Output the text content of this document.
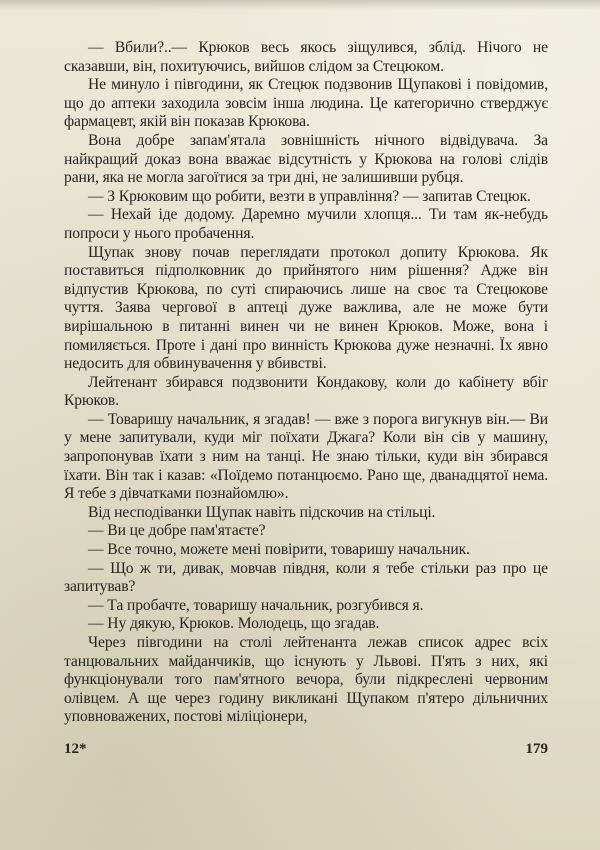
— Вбили?..— Крюков весь якось зіщулився, зблід. Нічого не сказавши, він, похитуючись, вийшов слідом за Стецюком.

Не минуло і півгодини, як Стецюк подзвонив Щупакові і повідомив, що до аптеки заходила зовсім інша людина. Це категорично стверджує фармацевт, якій він показав Крюкова.

Вона добре запам'ятала зовнішність нічного відвідувача. За найкращий доказ вона вважає відсутність у Крюкова на голові слідів рани, яка не могла загоїтися за три дні, не залишивши рубця.

— З Крюковим що робити, везти в управління? — запитав Стецюк.

— Нехай іде додому. Даремно мучили хлопця... Ти там як-небудь попроси у нього пробачення.

Щупак знову почав переглядати протокол допиту Крюкова. Як поставиться підполковник до прийнятого ним рішення? Адже він відпустив Крюкова, по суті спираючись лише на своє та Стецюкове чуття. Заява чергової в аптеці дуже важлива, але не може бути вирішальною в питанні винен чи не винен Крюков. Може, вона і помиляється. Проте і дані про винність Крюкова дуже незначні. Їх явно недосить для обвинувачення у вбивстві.

Лейтенант збирався подзвонити Кондакову, коли до кабінету вбіг Крюков.

— Товаришу начальник, я згадав! — вже з порога вигукнув він.— Ви у мене запитували, куди міг поїхати Джага? Коли він сів у машину, запропонував їхати з ним на танці. Не знаю тільки, куди він збирався їхати. Він так і казав: «Поїдемо потанцюємо. Рано ще, дванадцятої нема. Я тебе з дівчатками познайомлю».

Від несподіванки Щупак навіть підскочив на стільці.

— Ви це добре пам'ятаєте?

— Все точно, можете мені повірити, товаришу начальник.

— Що ж ти, дивак, мовчав півдня, коли я тебе стільки раз про це запитував?

— Та пробачте, товаришу начальник, розгубився я.

— Ну дякую, Крюков. Молодець, що згадав.

Через півгодини на столі лейтенанта лежав список адрес всіх танцювальних майданчиків, що існують у Львові. П'ять з них, які функціонували того пам'ятного вечора, були підкреслені червоним олівцем. А ще через годину викликані Щупаком п'ятеро дільничних уповноважених, постові міліціонери,

12*	179
